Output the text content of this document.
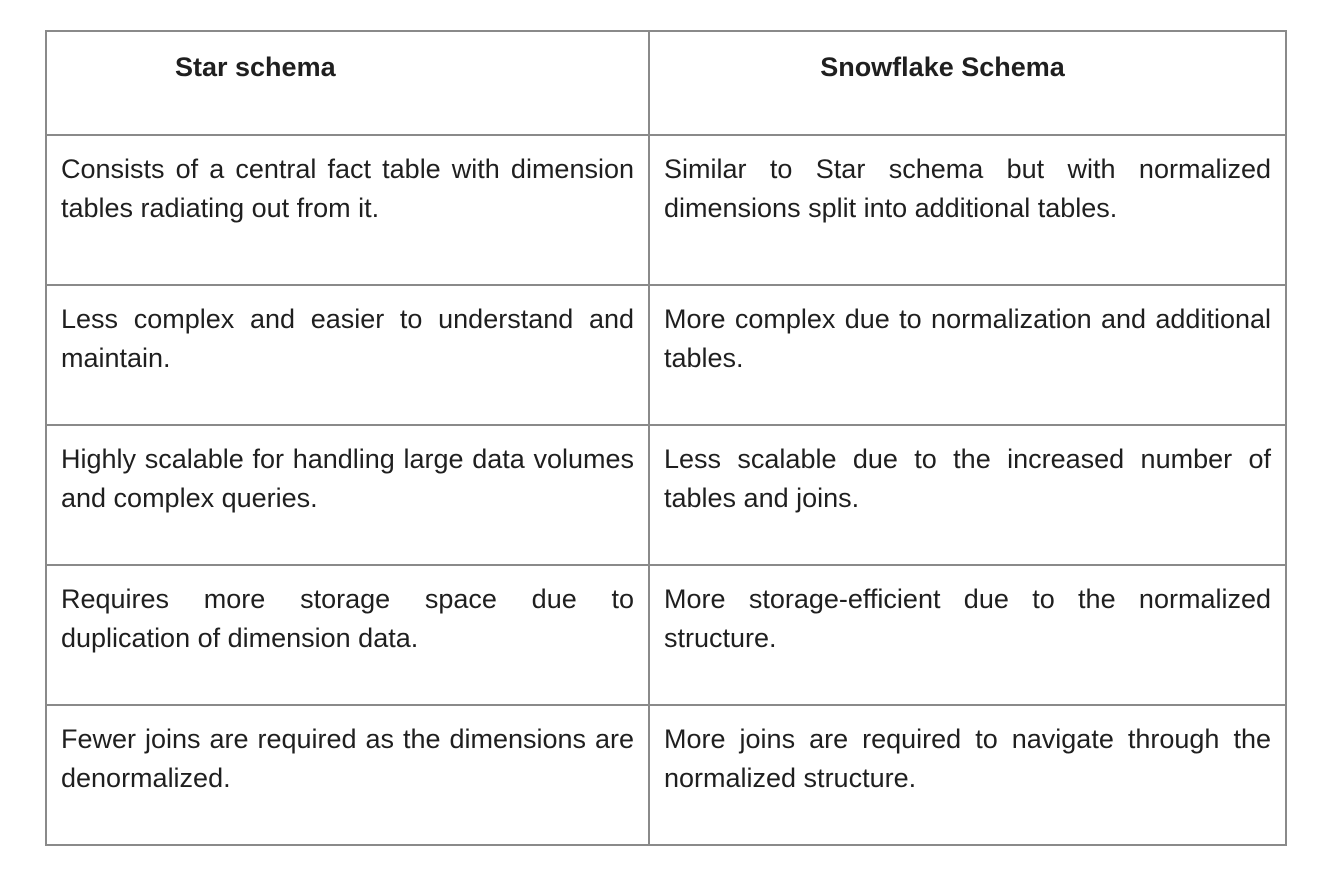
Star schema	Snowflake Schema
Consists of a central fact table with dimension tables radiating out from it.	Similar to Star schema but with normalized dimensions split into additional tables.
Less complex and easier to understand and maintain.	More complex due to normalization and additional tables.
Highly scalable for handling large data volumes and complex queries.	Less scalable due to the increased number of tables and joins.
Requires more storage space due to duplication of dimension data.	More storage-efficient due to the normalized structure.
Fewer joins are required as the dimensions are denormalized.	More joins are required to navigate through the normalized structure.
